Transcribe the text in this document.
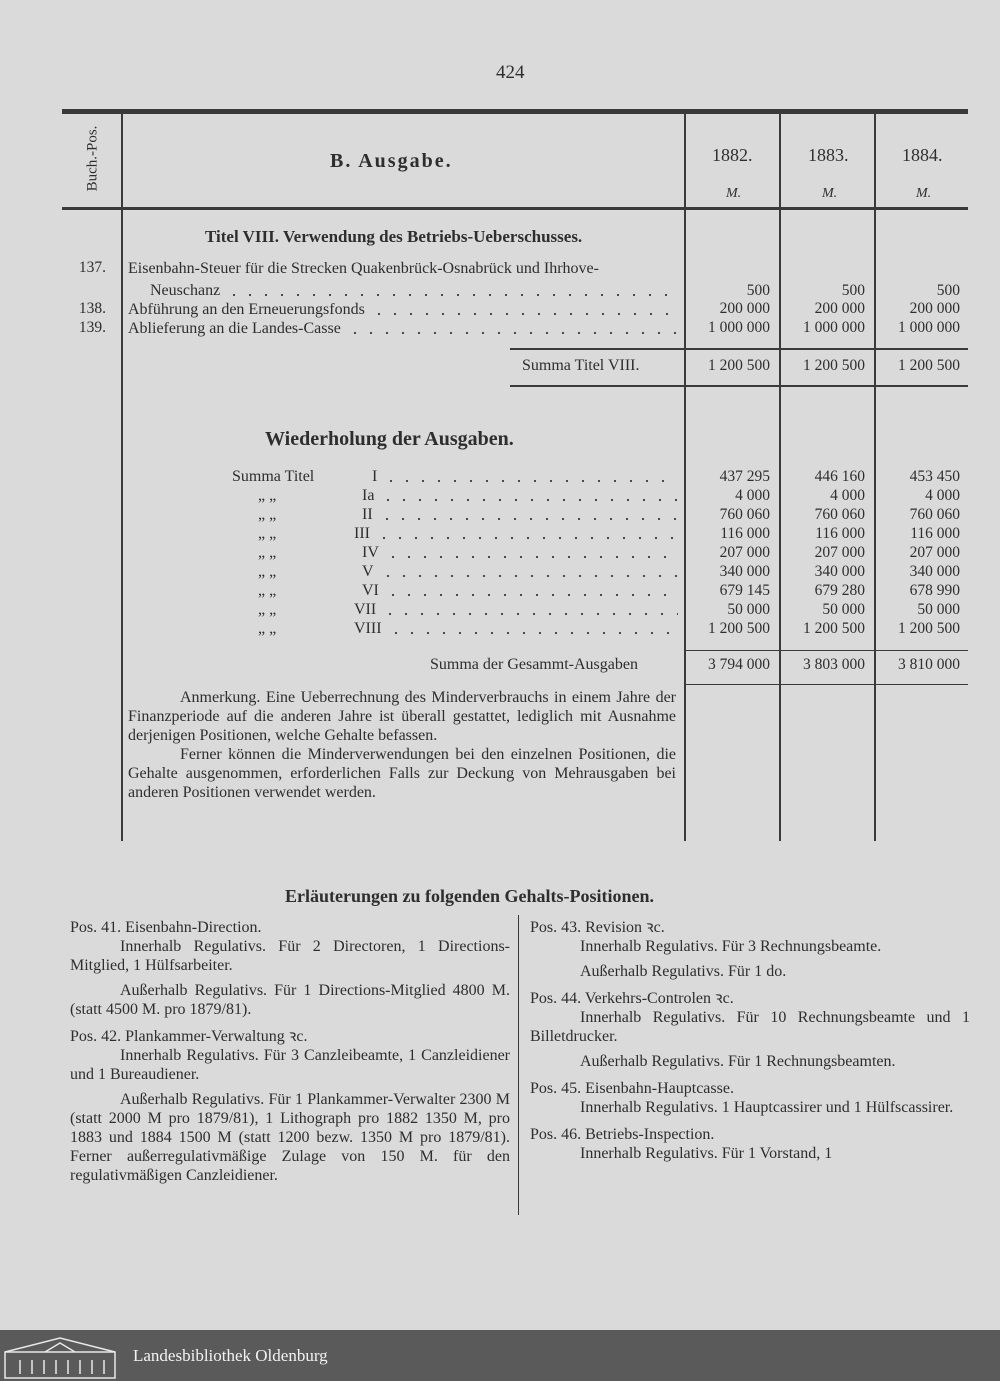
424
Buch.-Pos.	B. Ausgabe.	1882.	1883.	1884.
M.	M.	M.
Titel VIII. Verwendung des Betriebs-Ueberschusses.
137. Eisenbahn-Steuer für die Strecken Quakenbrück-Osnabrück und Ihrhove-
Neuschanz	500	500	500
138. Abführung an den Erneuerungsfonds	200 000	200 000	200 000
139. Ablieferung an die Landes-Casse	1 000 000	1 000 000	1 000 000
Summa Titel VIII.	1 200 500	1 200 500	1 200 500
Wiederholung der Ausgaben.
Summa Titel	I	437 295	446 160	453 450
„ „	Ia	4 000	4 000	4 000
„ „	II	760 060	760 060	760 060
„ „	III	116 000	116 000	116 000
„ „	IV	207 000	207 000	207 000
„ „	V	340 000	340 000	340 000
„ „	VI	679 145	679 280	678 990
„ „	VII	50 000	50 000	50 000
„ „	VIII	1 200 500	1 200 500	1 200 500
Summa der Gesammt-Ausgaben	3 794 000	3 803 000	3 810 000

Anmerkung. Eine Ueberrechnung des Minderverbrauchs in einem Jahre der Finanzperiode auf die anderen Jahre ist überall gestattet, lediglich mit Ausnahme derjenigen Positionen, welche Gehalte befassen.

Ferner können die Minderverwendungen bei den einzelnen Positionen, die Gehalte ausgenommen, erforderlichen Falls zur Deckung von Mehrausgaben bei anderen Positionen verwendet werden.

Erläuterungen zu folgenden Gehalts-Positionen.

Pos. 41. Eisenbahn-Direction.

Innerhalb Regulativs. Für 2 Directoren, 1 Directions-Mitglied, 1 Hülfsarbeiter.

Außerhalb Regulativs. Für 1 Directions-Mitglied 4800 M. (statt 4500 M. pro 1879/81).

Pos. 42. Plankammer-Verwaltung ꝛc.

Innerhalb Regulativs. Für 3 Canzleibeamte, 1 Canzleidiener und 1 Bureaudiener.

Außerhalb Regulativs. Für 1 Plankammer-Verwalter 2300 M (statt 2000 M pro 1879/81), 1 Lithograph pro 1882 1350 M, pro 1883 und 1884 1500 M (statt 1200 bezw. 1350 M pro 1879/81). Ferner außerregulativmäßige Zulage von 150 M. für den regulativmäßigen Canzleidiener.

Pos. 43. Revision ꝛc.

Innerhalb Regulativs. Für 3 Rechnungsbeamte.

Außerhalb Regulativs. Für 1 do.

Pos. 44. Verkehrs-Controlen ꝛc.

Innerhalb Regulativs. Für 10 Rechnungsbeamte und 1 Billetdrucker.

Außerhalb Regulativs. Für 1 Rechnungsbeamten.

Pos. 45. Eisenbahn-Hauptcasse.

Innerhalb Regulativs. 1 Hauptcassirer und 1 Hülfscassirer.

Pos. 46. Betriebs-Inspection.

Innerhalb Regulativs. Für 1 Vorstand, 1

Landesbibliothek Oldenburg
